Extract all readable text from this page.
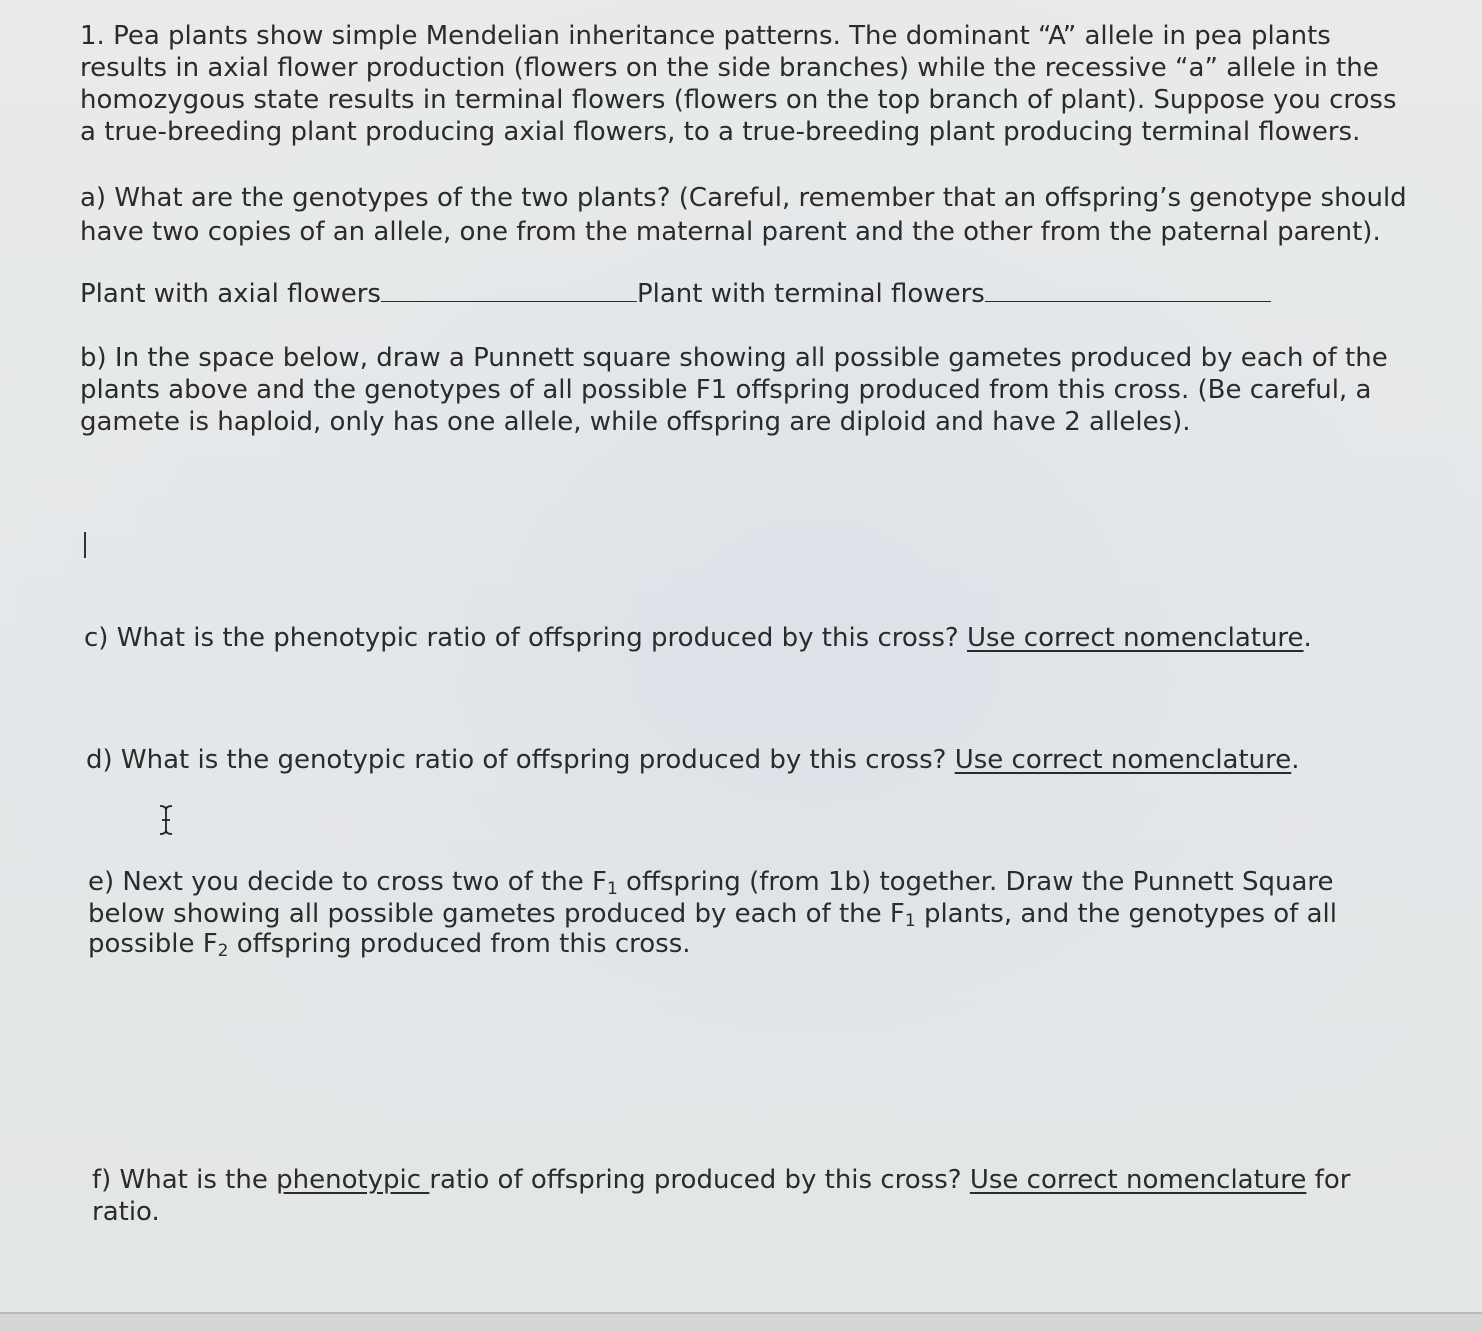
1. Pea plants show simple Mendelian inheritance patterns. The dominant “A” allele in pea plants
results in axial flower production (flowers on the side branches) while the recessive “a” allele in the
homozygous state results in terminal flowers (flowers on the top branch of plant). Suppose you cross
a true-breeding plant producing axial flowers, to a true-breeding plant producing terminal flowers.
a) What are the genotypes of the two plants? (Careful, remember that an offspring’s genotype should
have two copies of an allele, one from the maternal parent and the other from the paternal parent).
Plant with axial flowers	Plant with terminal flowers
b) In the space below, draw a Punnett square showing all possible gametes produced by each of the
plants above and the genotypes of all possible F1 offspring produced from this cross. (Be careful, a
gamete is haploid, only has one allele, while offspring are diploid and have 2 alleles).
c) What is the phenotypic ratio of offspring produced by this cross? Use correct nomenclature.
d) What is the genotypic ratio of offspring produced by this cross? Use correct nomenclature.
e) Next you decide to cross two of the $F_1$ offspring (from 1b) together. Draw the Punnett Square
below showing all possible gametes produced by each of the $F_1$ plants, and the genotypes of all
possible $F_2$ offspring produced from this cross.
f) What is the phenotypic ratio of offspring produced by this cross? Use correct nomenclature for
ratio.
